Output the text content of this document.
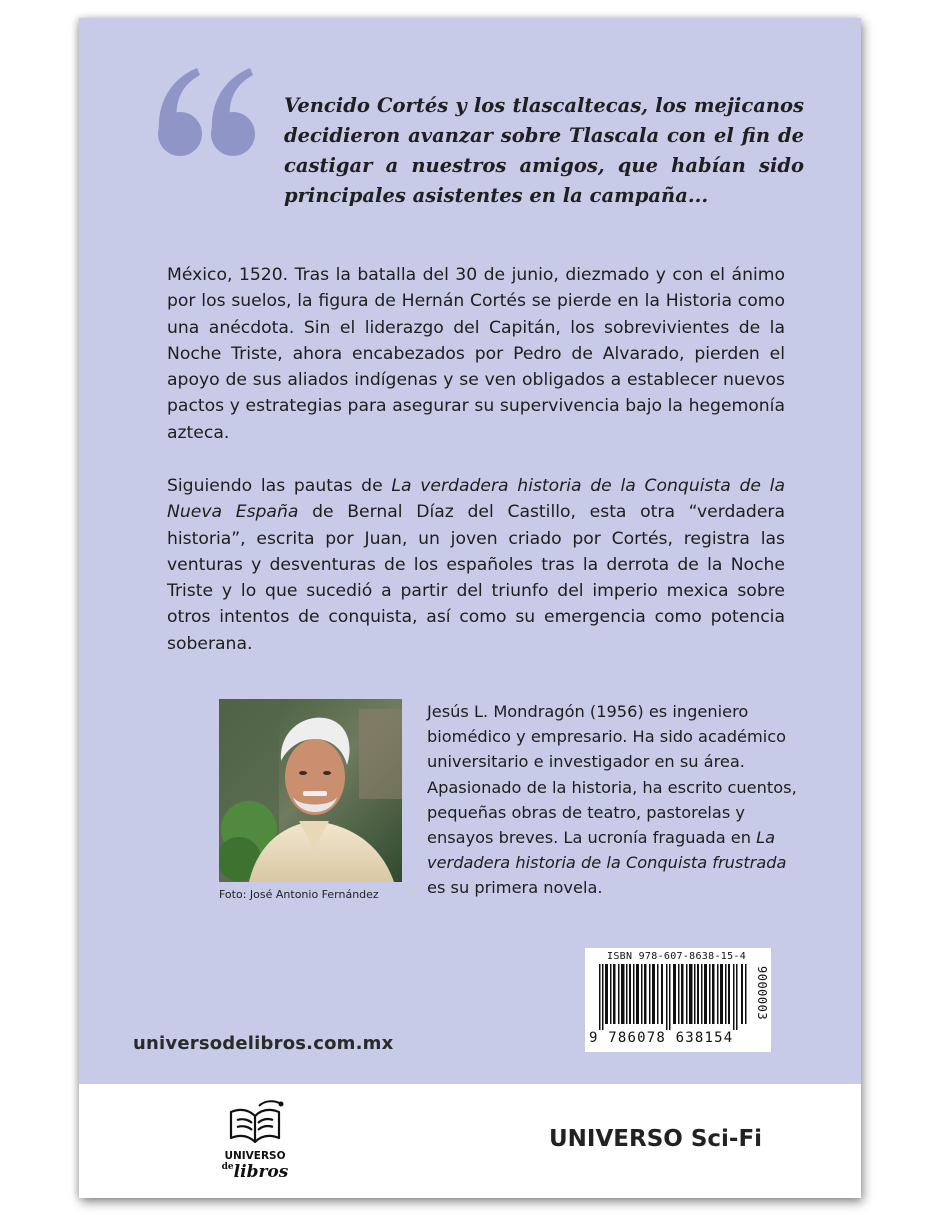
Vencido Cortés y los tlascaltecas, los mejicanos decidieron avanzar sobre Tlascala con el fin de castigar a nuestros amigos, que habían sido principales asistentes en la campaña...
México, 1520. Tras la batalla del 30 de junio, diezmado y con el ánimo por los suelos, la figura de Hernán Cortés se pierde en la Historia como una anécdota. Sin el liderazgo del Capitán, los sobrevivientes de la Noche Triste, ahora encabezados por Pedro de Alvarado, pierden el apoyo de sus aliados indígenas y se ven obligados a establecer nuevos pactos y estrategias para asegurar su supervivencia bajo la hegemonía azteca.
Siguiendo las pautas de La verdadera historia de la Conquista de la Nueva España de Bernal Díaz del Castillo, esta otra “verdadera historia”, escrita por Juan, un joven criado por Cortés, registra las venturas y desventuras de los españoles tras la derrota de la Noche Triste y lo que sucedió a partir del triunfo del imperio mexica sobre otros intentos de conquista, así como su emergencia como potencia soberana.
Foto: José Antonio Fernández
Jesús L. Mondragón (1956) es ingeniero biomédico y empresario. Ha sido académico universitario e investigador en su área. Apasionado de la historia, ha escrito cuentos, pequeñas obras de teatro, pastorelas y ensayos breves. La ucronía fraguada en La verdadera historia de la Conquista frustrada es su primera novela.
ISBN 978-607-8638-15-4
9 786078 638154
9000003
universodelibros.com.mx
UNIVERSO
$^{de}$libros
UNIVERSO Sci-Fi
